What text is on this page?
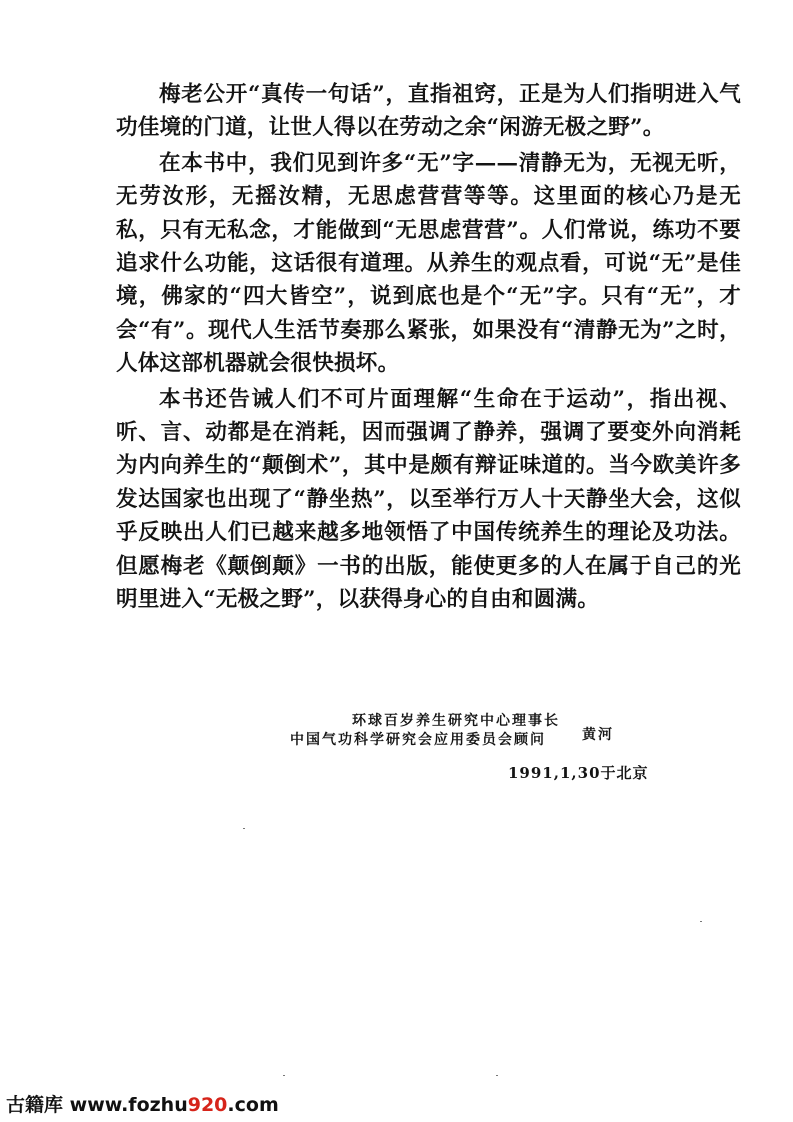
梅老公开“真传一句话”，直指祖窍，正是为人们指明进入气功佳境的门道，让世人得以在劳动之余“闲游无极之野”。

在本书中，我们见到许多“无”字——清静无为，无视无听，无劳汝形，无摇汝精，无思虑营营等等。这里面的核心乃是无私，只有无私念，才能做到“无思虑营营”。人们常说，练功不要追求什么功能，这话很有道理。从养生的观点看，可说“无”是佳境，佛家的“四大皆空”，说到底也是个“无”字。只有“无”，才会“有”。现代人生活节奏那么紧张，如果没有“清静无为”之时，人体这部机器就会很快损坏。

本书还告诫人们不可片面理解“生命在于运动”，指出视、听、言、动都是在消耗，因而强调了静养，强调了要变外向消耗为内向养生的“颠倒术”，其中是颇有辩证味道的。当今欧美许多发达国家也出现了“静坐热”，以至举行万人十天静坐大会，这似乎反映出人们已越来越多地领悟了中国传统养生的理论及功法。但愿梅老《颠倒颠》一书的出版，能使更多的人在属于自己的光明里进入“无极之野”，以获得身心的自由和圆满。

环球百岁养生研究中心理事长
中国气功科学研究会应用委员会顾问	黄河
1991,1,30于北京
古籍库 www.fozhu920.com
